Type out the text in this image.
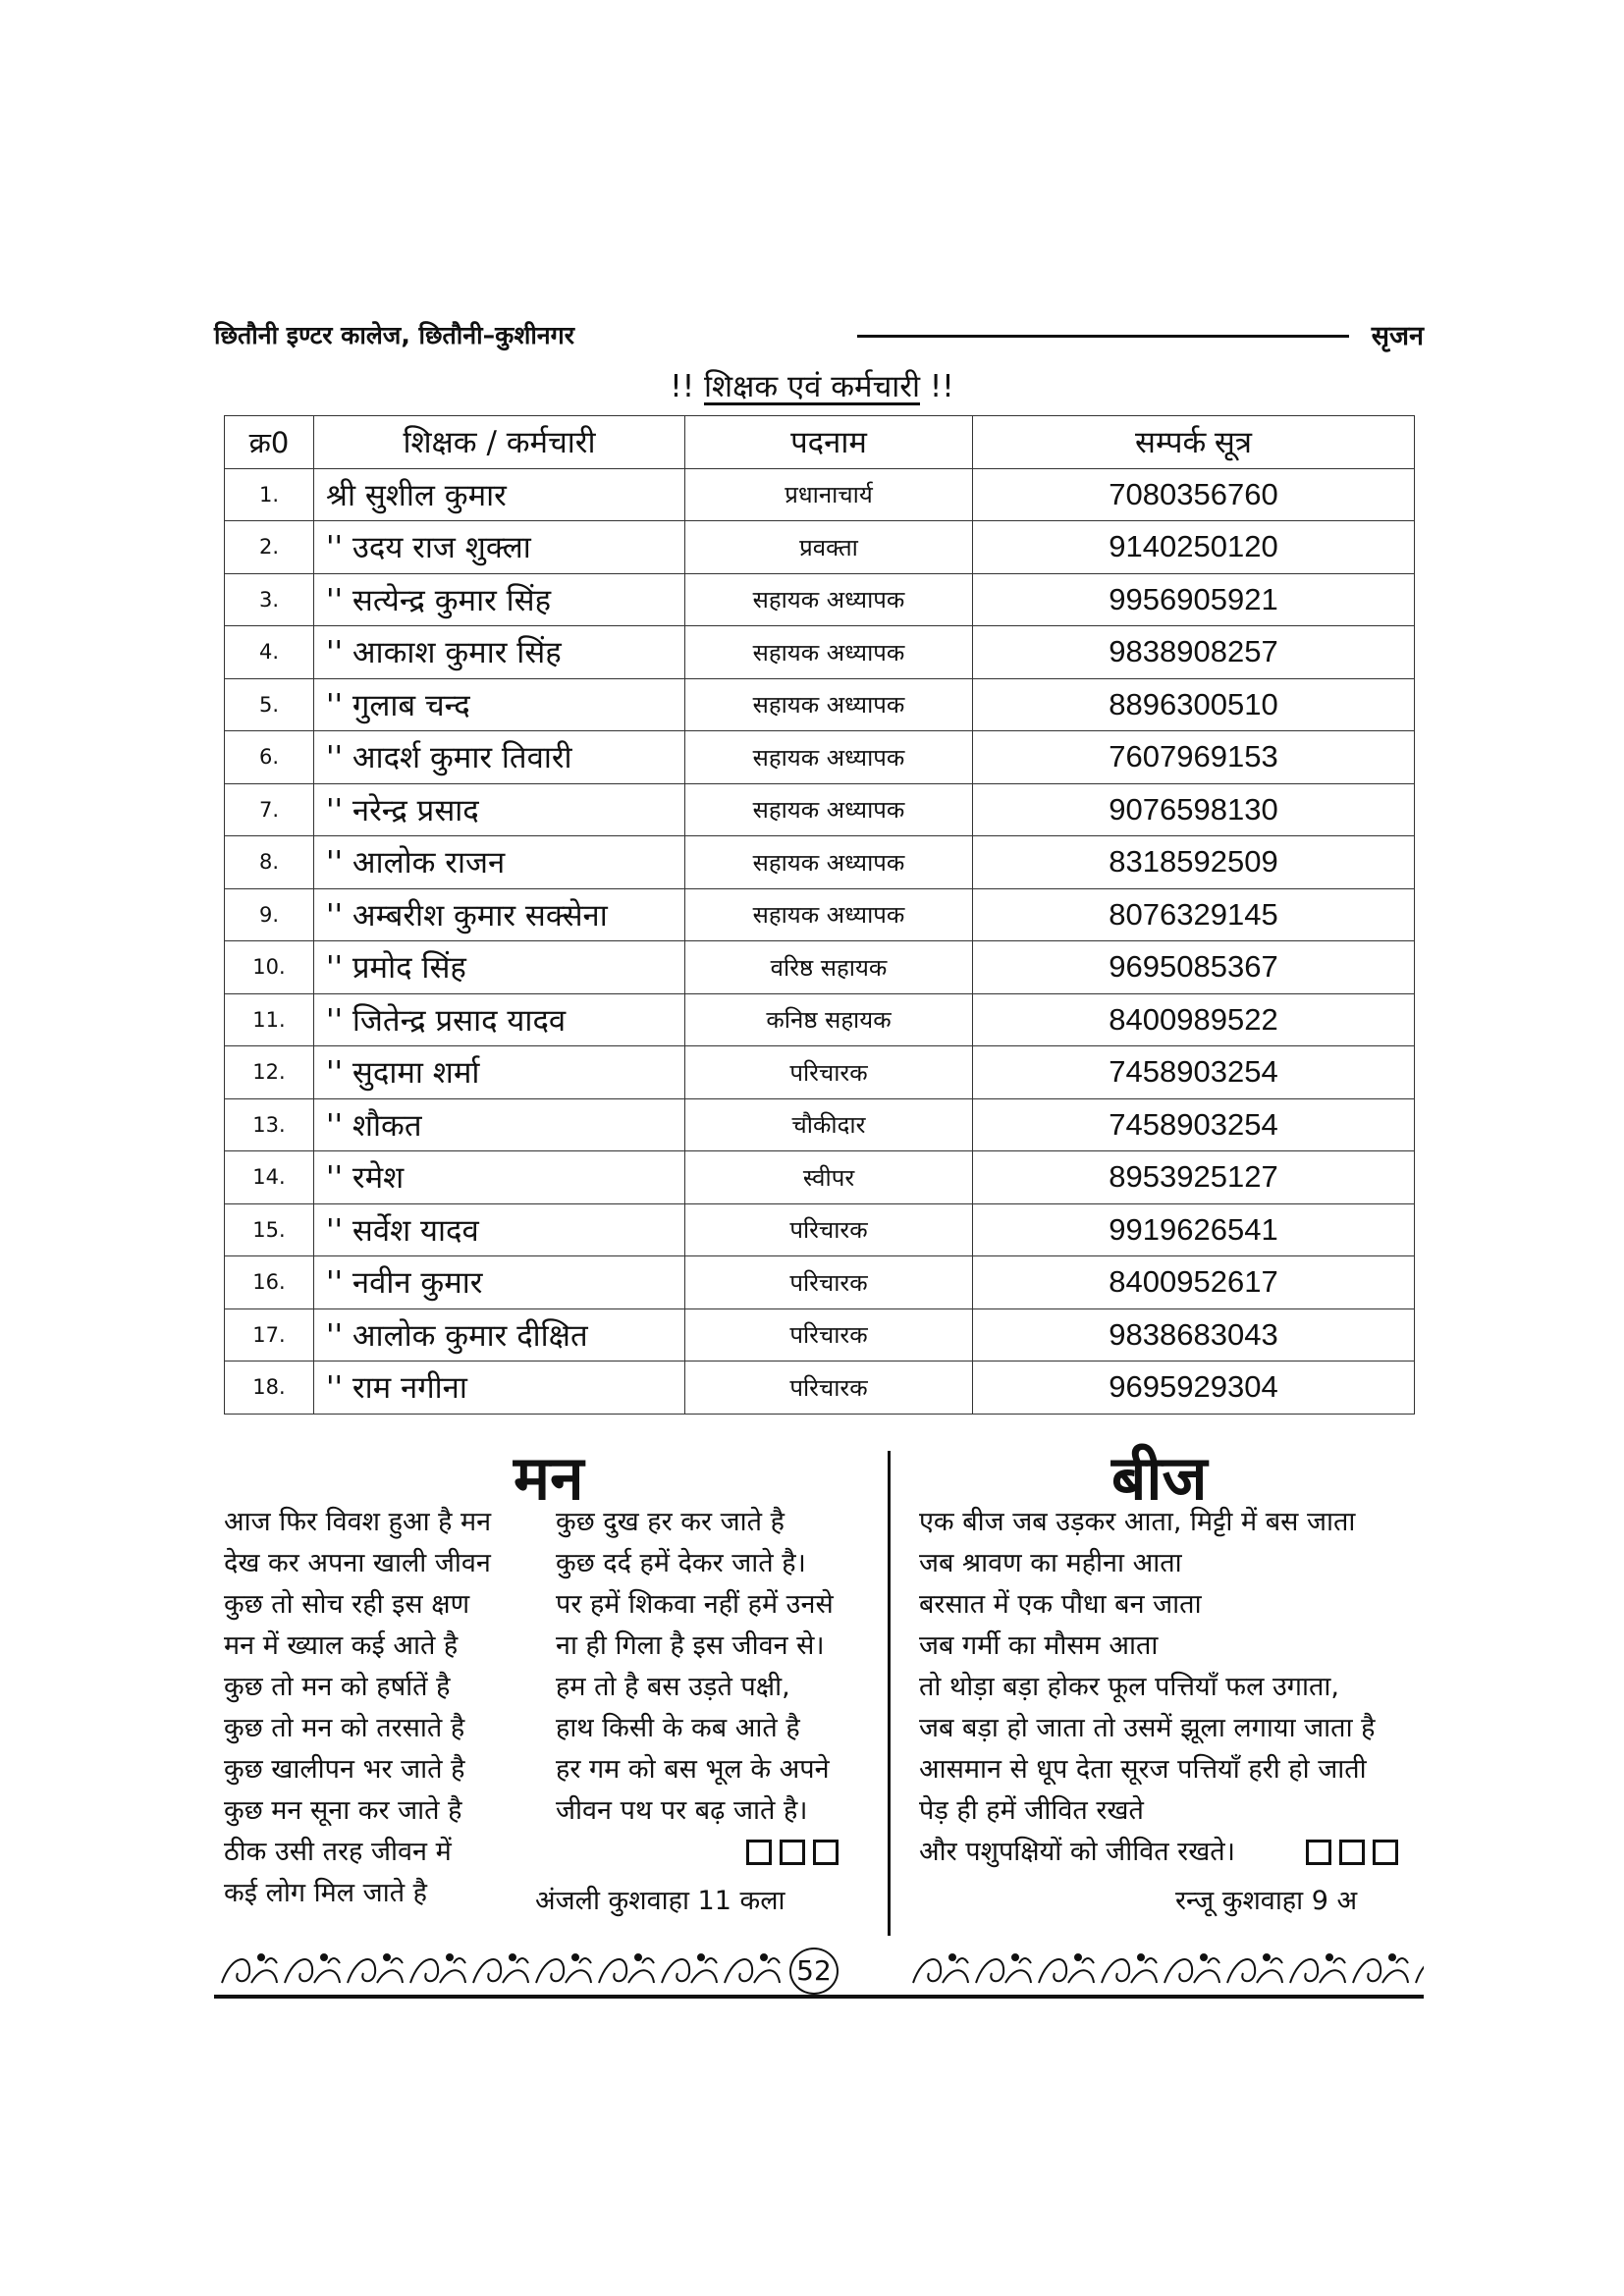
छितौनी इण्टर कालेज, छितौनी–कुशीनगर	सृजन
!! शिक्षक एवं कर्मचारी !!
क्र0	शिक्षक / कर्मचारी	पदनाम	सम्पर्क सूत्र
1.	श्री सुशील कुमार	प्रधानाचार्य	7080356760
2.	'' उदय राज शुक्ला	प्रवक्ता	9140250120
3.	'' सत्येन्द्र कुमार सिंह	सहायक अध्यापक	9956905921
4.	'' आकाश कुमार सिंह	सहायक अध्यापक	9838908257
5.	'' गुलाब चन्द	सहायक अध्यापक	8896300510
6.	'' आदर्श कुमार तिवारी	सहायक अध्यापक	7607969153
7.	'' नरेन्द्र प्रसाद	सहायक अध्यापक	9076598130
8.	'' आलोक राजन	सहायक अध्यापक	8318592509
9.	'' अम्बरीश कुमार सक्सेना	सहायक अध्यापक	8076329145
10.	'' प्रमोद सिंह	वरिष्ठ सहायक	9695085367
11.	'' जितेन्द्र प्रसाद यादव	कनिष्ठ सहायक	8400989522
12.	'' सुदामा शर्मा	परिचारक	7458903254
13.	'' शौकत	चौकीदार	7458903254
14.	'' रमेश	स्वीपर	8953925127
15.	'' सर्वेश यादव	परिचारक	9919626541
16.	'' नवीन कुमार	परिचारक	8400952617
17.	'' आलोक कुमार दीक्षित	परिचारक	9838683043
18.	'' राम नगीना	परिचारक	9695929304
मन
आज फिर विवश हुआ है मन
देख कर अपना खाली जीवन
कुछ तो सोच रही इस क्षण
मन में ख्याल कई आते है
कुछ तो मन को हर्षातें है
कुछ तो मन को तरसाते है
कुछ खालीपन भर जाते है
कुछ मन सूना कर जाते है
ठीक उसी तरह जीवन में
कई लोग मिल जाते है
कुछ दुख हर कर जाते है
कुछ दर्द हमें देकर जाते है।
पर हमें शिकवा नहीं हमें उनसे
ना ही गिला है इस जीवन से।
हम तो है बस उड़ते पक्षी,
हाथ किसी के कब आते है
हर गम को बस भूल के अपने
जीवन पथ पर बढ़ जाते है।
अंजली कुशवाहा 11 कला
बीज
एक बीज जब उड़कर आता, मिट्टी में बस जाता
जब श्रावण का महीना आता
बरसात में एक पौधा बन जाता
जब गर्मी का मौसम आता
तो थोड़ा बड़ा होकर फूल पत्तियाँ फल उगाता,
जब बड़ा हो जाता तो उसमें झूला लगाया जाता है
आसमान से धूप देता सूरज पत्तियाँ हरी हो जाती
पेड़ ही हमें जीवित रखते
और पशुपक्षियों को जीवित रखते।
रन्जू कुशवाहा 9 अ
52
